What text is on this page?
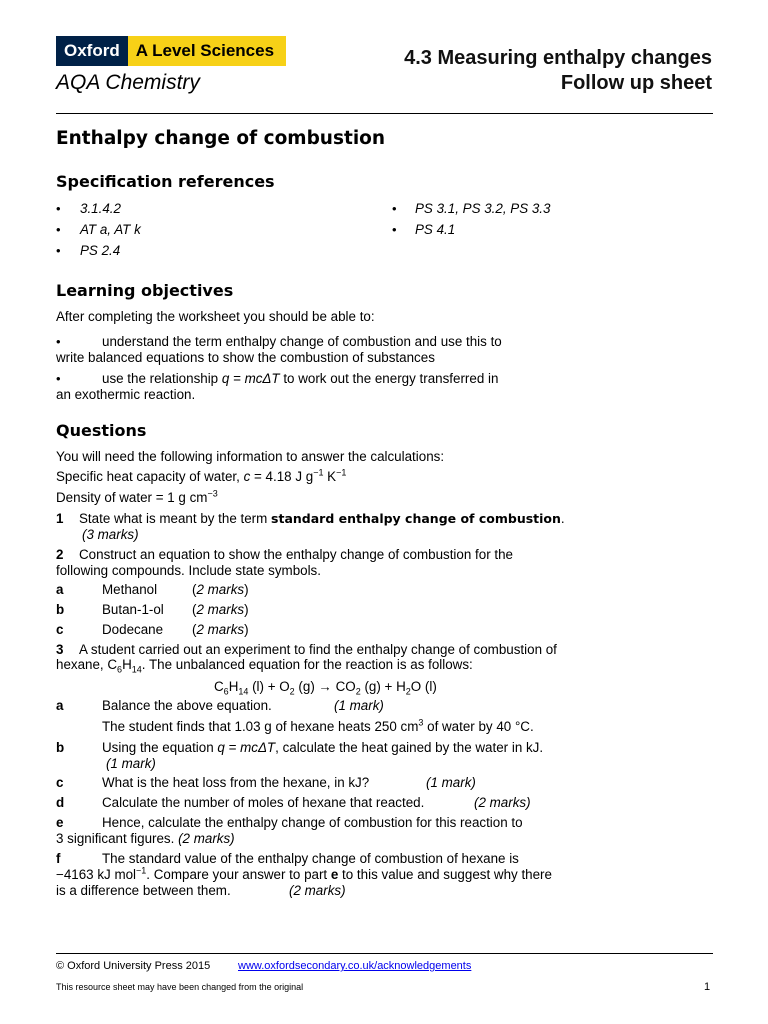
Oxford A Level Sciences
AQA Chemistry
4.3 Measuring enthalpy changes
Follow up sheet
Enthalpy change of combustion
Specification references
• 3.1.4.2
• AT a, AT k
• PS 2.4
• PS 3.1, PS 3.2, PS 3.3
• PS 4.1
Learning objectives
After completing the worksheet you should be able to:
•	understand the term enthalpy change of combustion and use this to
write balanced equations to show the combustion of substances
•	use the relationship q = mcΔT to work out the energy transferred in
an exothermic reaction.
Questions
You will need the following information to answer the calculations:
Specific heat capacity of water, c = 4.18 J $g^{-1}$ $K^{-1}$
Density of water = 1 g $cm^{-3}$
1 State what is meant by the term standard enthalpy change of combustion.
(3 marks)
2 Construct an equation to show the enthalpy change of combustion for the
following compounds. Include state symbols.
a	Methanol	(2 marks)
b	Butan-1-ol (2 marks)
c	Dodecane (2 marks)
3 A student carried out an experiment to find the enthalpy change of combustion of
hexane, $C_6H_{14}$. The unbalanced equation for the reaction is as follows:
$C_6H_{14}$ $(l) + O_2$ $(g) \to CO_2$ $(g) + H_2O$ (l)
a	Balance the above equation.	(1 mark)
The student finds that 1.03 g of hexane heats 250 $cm^3$ of water by 40 °C.
b	Using the equation q = mcΔT, calculate the heat gained by the water in kJ.
(1 mark)
c	What is the heat loss from the hexane, in kJ?	(1 mark)
d	Calculate the number of moles of hexane that reacted.	(2 marks)
e	Hence, calculate the enthalpy change of combustion for this reaction to
3 significant figures. (2 marks)
f	The standard value of the enthalpy change of combustion of hexane is
−4163 kJ mol$^{-1}$. Compare your answer to part e to this value and suggest why there
is a difference between them.	(2 marks)
© Oxford University Press 2015	www.oxfordsecondary.co.uk/acknowledgements
This resource sheet may have been changed from the original	1
